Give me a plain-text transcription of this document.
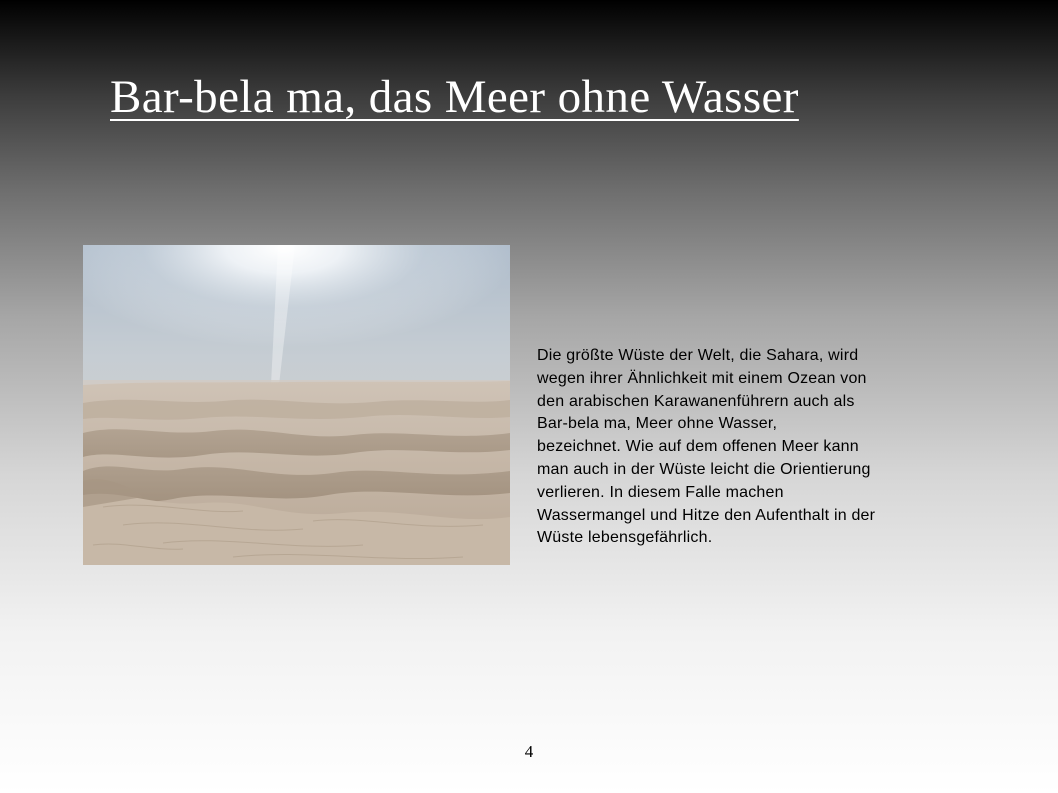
Bar-bela ma, das Meer ohne Wasser

Die größte Wüste der Welt, die Sahara, wird
wegen ihrer Ähnlichkeit mit einem Ozean von
den arabischen Karawanenführern auch als
Bar-bela ma, Meer ohne Wasser,
bezeichnet. Wie auf dem offenen Meer kann
man auch in der Wüste leicht die Orientierung
verlieren. In diesem Falle machen
Wassermangel und Hitze den Aufenthalt in der
Wüste lebensgefährlich.

4
